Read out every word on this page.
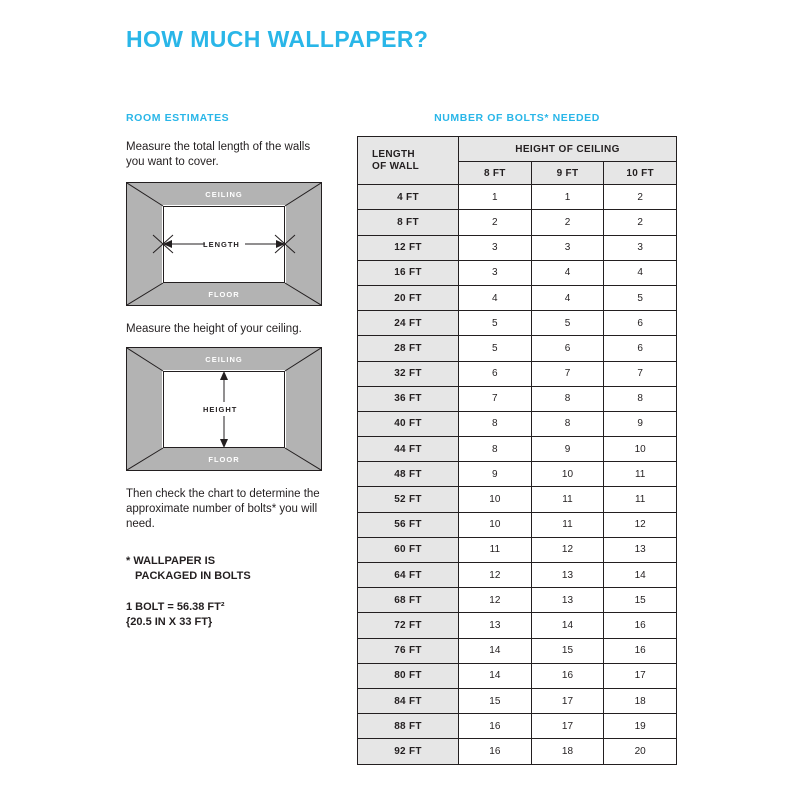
HOW MUCH WALLPAPER?
ROOM ESTIMATES

Measure the total length of the walls you want to cover.

CEILING
FLOOR
LENGTH

Measure the height of your ceiling.

CEILING
FLOOR
HEIGHT

Then check the chart to determine the approximate number of bolts* you will need.

* WALLPAPER IS
PACKAGED IN BOLTS
1 BOLT = 56.38 FT²
{20.5 IN X 33 FT}
NUMBER OF BOLTS* NEEDED
LENGTH
OF WALL	HEIGHT OF CEILING		
	8 FT	9 FT	10 FT
4 FT	1	1	2
8 FT	2	2	2
12 FT	3	3	3
16 FT	3	4	4
20 FT	4	4	5
24 FT	5	5	6
28 FT	5	6	6
32 FT	6	7	7
36 FT	7	8	8
40 FT	8	8	9
44 FT	8	9	10
48 FT	9	10	11
52 FT	10	11	11
56 FT	10	11	12
60 FT	11	12	13
64 FT	12	13	14
68 FT	12	13	15
72 FT	13	14	16
76 FT	14	15	16
80 FT	14	16	17
84 FT	15	17	18
88 FT	16	17	19
92 FT	16	18	20
